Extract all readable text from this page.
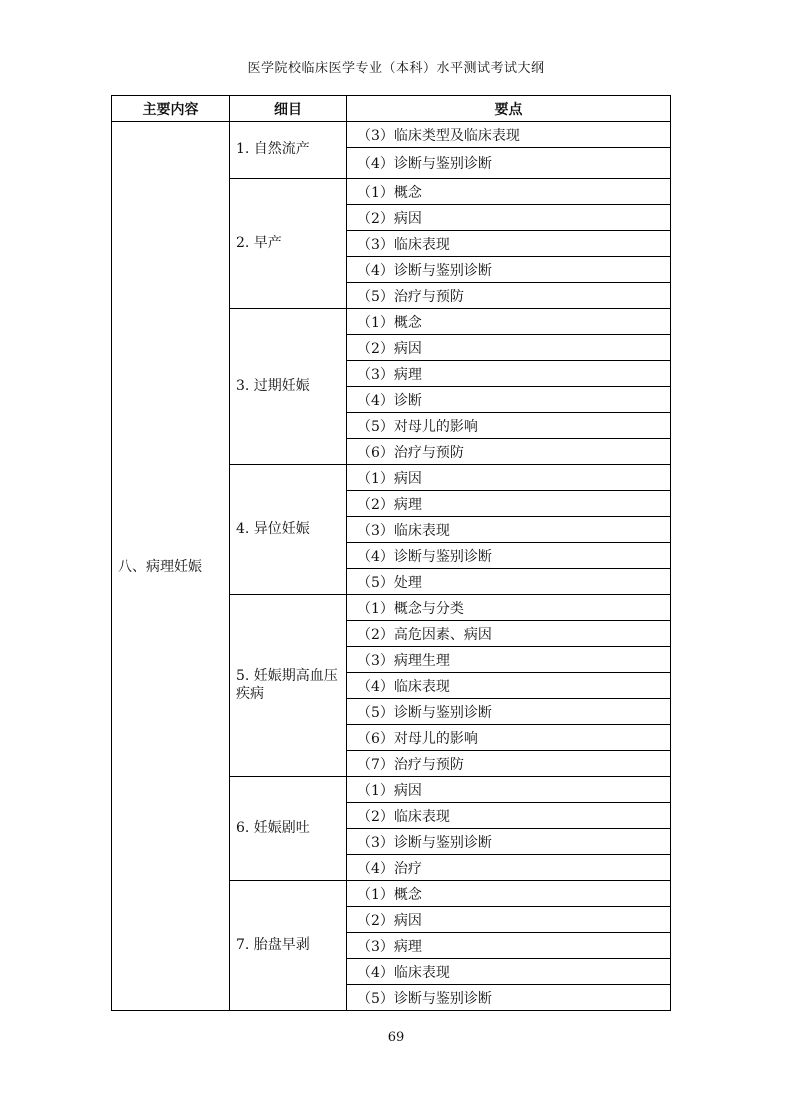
医学院校临床医学专业（本科）水平测试考试大纲
主要内容	细目	要点
八、病理妊娠	1. 自然流产	（3）临床类型及临床表现
		（4）诊断与鉴别诊断
	2. 早产	（1）概念
		（2）病因
		（3）临床表现
		（4）诊断与鉴别诊断
		（5）治疗与预防
	3. 过期妊娠	（1）概念
		（2）病因
		（3）病理
		（4）诊断
		（5）对母儿的影响
		（6）治疗与预防
	4. 异位妊娠	（1）病因
		（2）病理
		（3）临床表现
		（4）诊断与鉴别诊断
		（5）处理
	5. 妊娠期高血压疾病	（1）概念与分类
		（2）高危因素、病因
		（3）病理生理
		（4）临床表现
		（5）诊断与鉴别诊断
		（6）对母儿的影响
		（7）治疗与预防
	6. 妊娠剧吐	（1）病因
		（2）临床表现
		（3）诊断与鉴别诊断
		（4）治疗
	7. 胎盘早剥	（1）概念
		（2）病因
		（3）病理
		（4）临床表现
		（5）诊断与鉴别诊断
69
